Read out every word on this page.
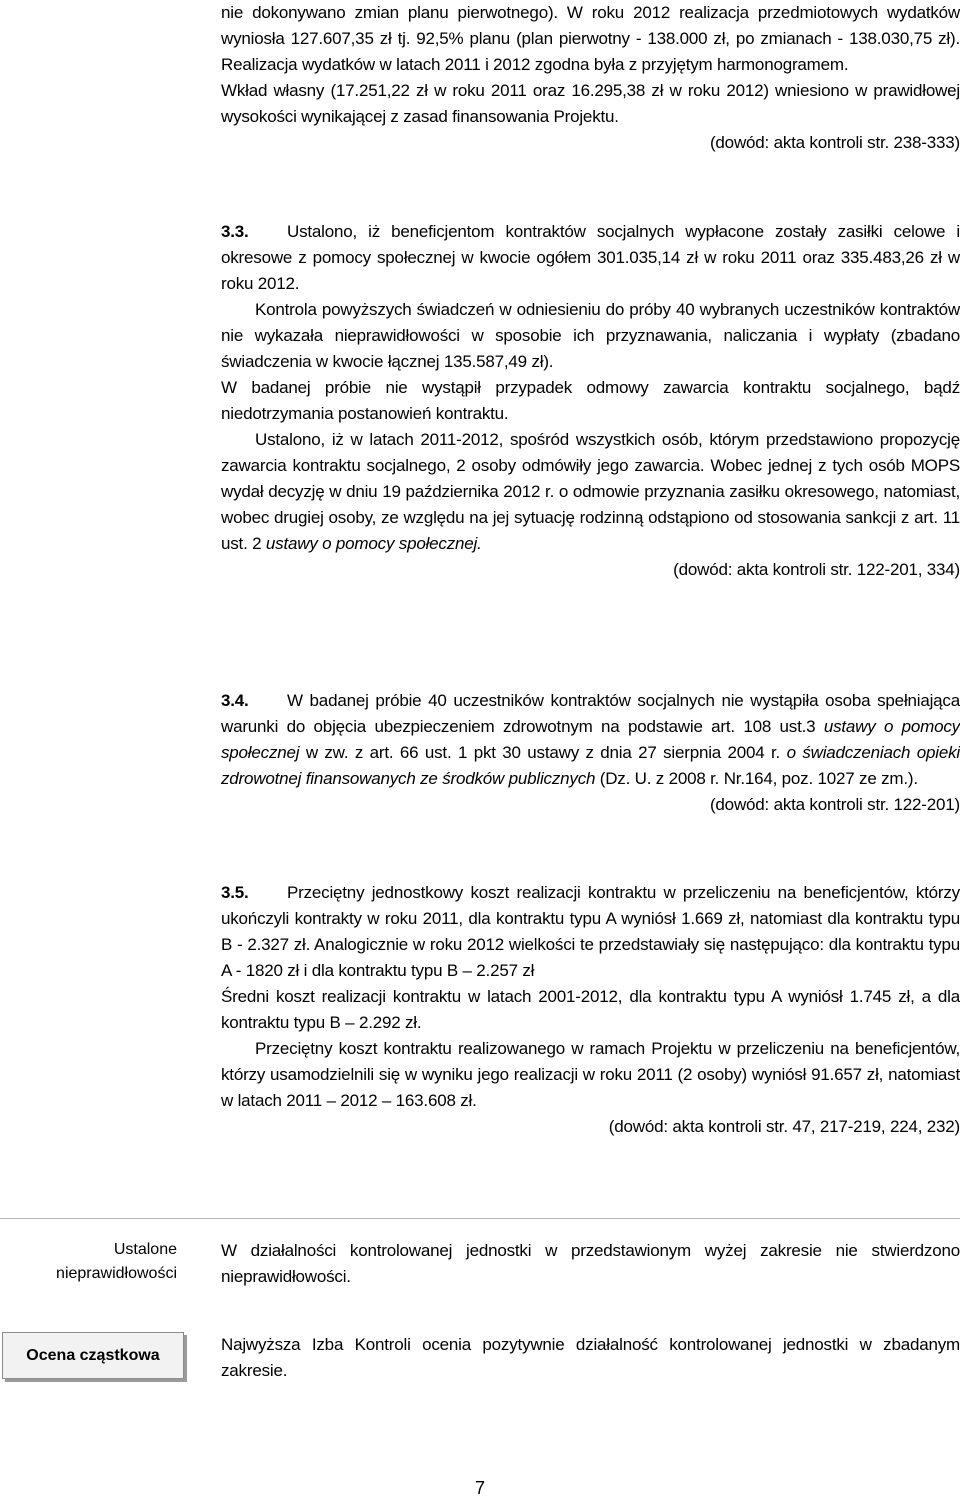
nie dokonywano zmian planu pierwotnego). W roku 2012 realizacja przedmiotowych wydatków wyniosła 127.607,35 zł tj. 92,5% planu (plan pierwotny - 138.000 zł, po zmianach - 138.030,75 zł). Realizacja wydatków w latach 2011 i 2012 zgodna była z przyjętym harmonogramem.

Wkład własny (17.251,22 zł w roku 2011 oraz 16.295,38 zł w roku 2012) wniesiono w prawidłowej wysokości wynikającej z zasad finansowania Projektu.

(dowód: akta kontroli str. 238-333)

3.3. Ustalono, iż beneficjentom kontraktów socjalnych wypłacone zostały zasiłki celowe i okresowe z pomocy społecznej w kwocie ogółem 301.035,14 zł w roku 2011 oraz 335.483,26 zł w roku 2012.

Kontrola powyższych świadczeń w odniesieniu do próby 40 wybranych uczestników kontraktów nie wykazała nieprawidłowości w sposobie ich przyznawania, naliczania i wypłaty (zbadano świadczenia w kwocie łącznej 135.587,49 zł).

W badanej próbie nie wystąpił przypadek odmowy zawarcia kontraktu socjalnego, bądź niedotrzymania postanowień kontraktu.

Ustalono, iż w latach 2011-2012, spośród wszystkich osób, którym przedstawiono propozycję zawarcia kontraktu socjalnego, 2 osoby odmówiły jego zawarcia. Wobec jednej z tych osób MOPS wydał decyzję w dniu 19 października 2012 r. o odmowie przyznania zasiłku okresowego, natomiast, wobec drugiej osoby, ze względu na jej sytuację rodzinną odstąpiono od stosowania sankcji z art. 11 ust. 2 ustawy o pomocy społecznej.

(dowód: akta kontroli str. 122-201, 334)

3.4. W badanej próbie 40 uczestników kontraktów socjalnych nie wystąpiła osoba spełniająca warunki do objęcia ubezpieczeniem zdrowotnym na podstawie art. 108 ust.3 ustawy o pomocy społecznej w zw. z art. 66 ust. 1 pkt 30 ustawy z dnia 27 sierpnia 2004 r. o świadczeniach opieki zdrowotnej finansowanych ze środków publicznych (Dz. U. z 2008 r. Nr.164, poz. 1027 ze zm.).

(dowód: akta kontroli str. 122-201)

3.5. Przeciętny jednostkowy koszt realizacji kontraktu w przeliczeniu na beneficjentów, którzy ukończyli kontrakty w roku 2011, dla kontraktu typu A wyniósł 1.669 zł, natomiast dla kontraktu typu B - 2.327 zł. Analogicznie w roku 2012 wielkości te przedstawiały się następująco: dla kontraktu typu A - 1820 zł i dla kontraktu typu B – 2.257 zł

Średni koszt realizacji kontraktu w latach 2001-2012, dla kontraktu typu A wyniósł 1.745 zł, a dla kontraktu typu B – 2.292 zł.

Przeciętny koszt kontraktu realizowanego w ramach Projektu w przeliczeniu na beneficjentów, którzy usamodzielnili się w wyniku jego realizacji w roku 2011 (2 osoby) wyniósł 91.657 zł, natomiast w latach 2011 – 2012 – 163.608 zł.

(dowód: akta kontroli str. 47, 217-219, 224, 232)

Ustalone nieprawidłowości
W działalności kontrolowanej jednostki w przedstawionym wyżej zakresie nie stwierdzono nieprawidłowości.
Ocena cząstkowa
Najwyższa Izba Kontroli ocenia pozytywnie działalność kontrolowanej jednostki w zbadanym zakresie.
7
